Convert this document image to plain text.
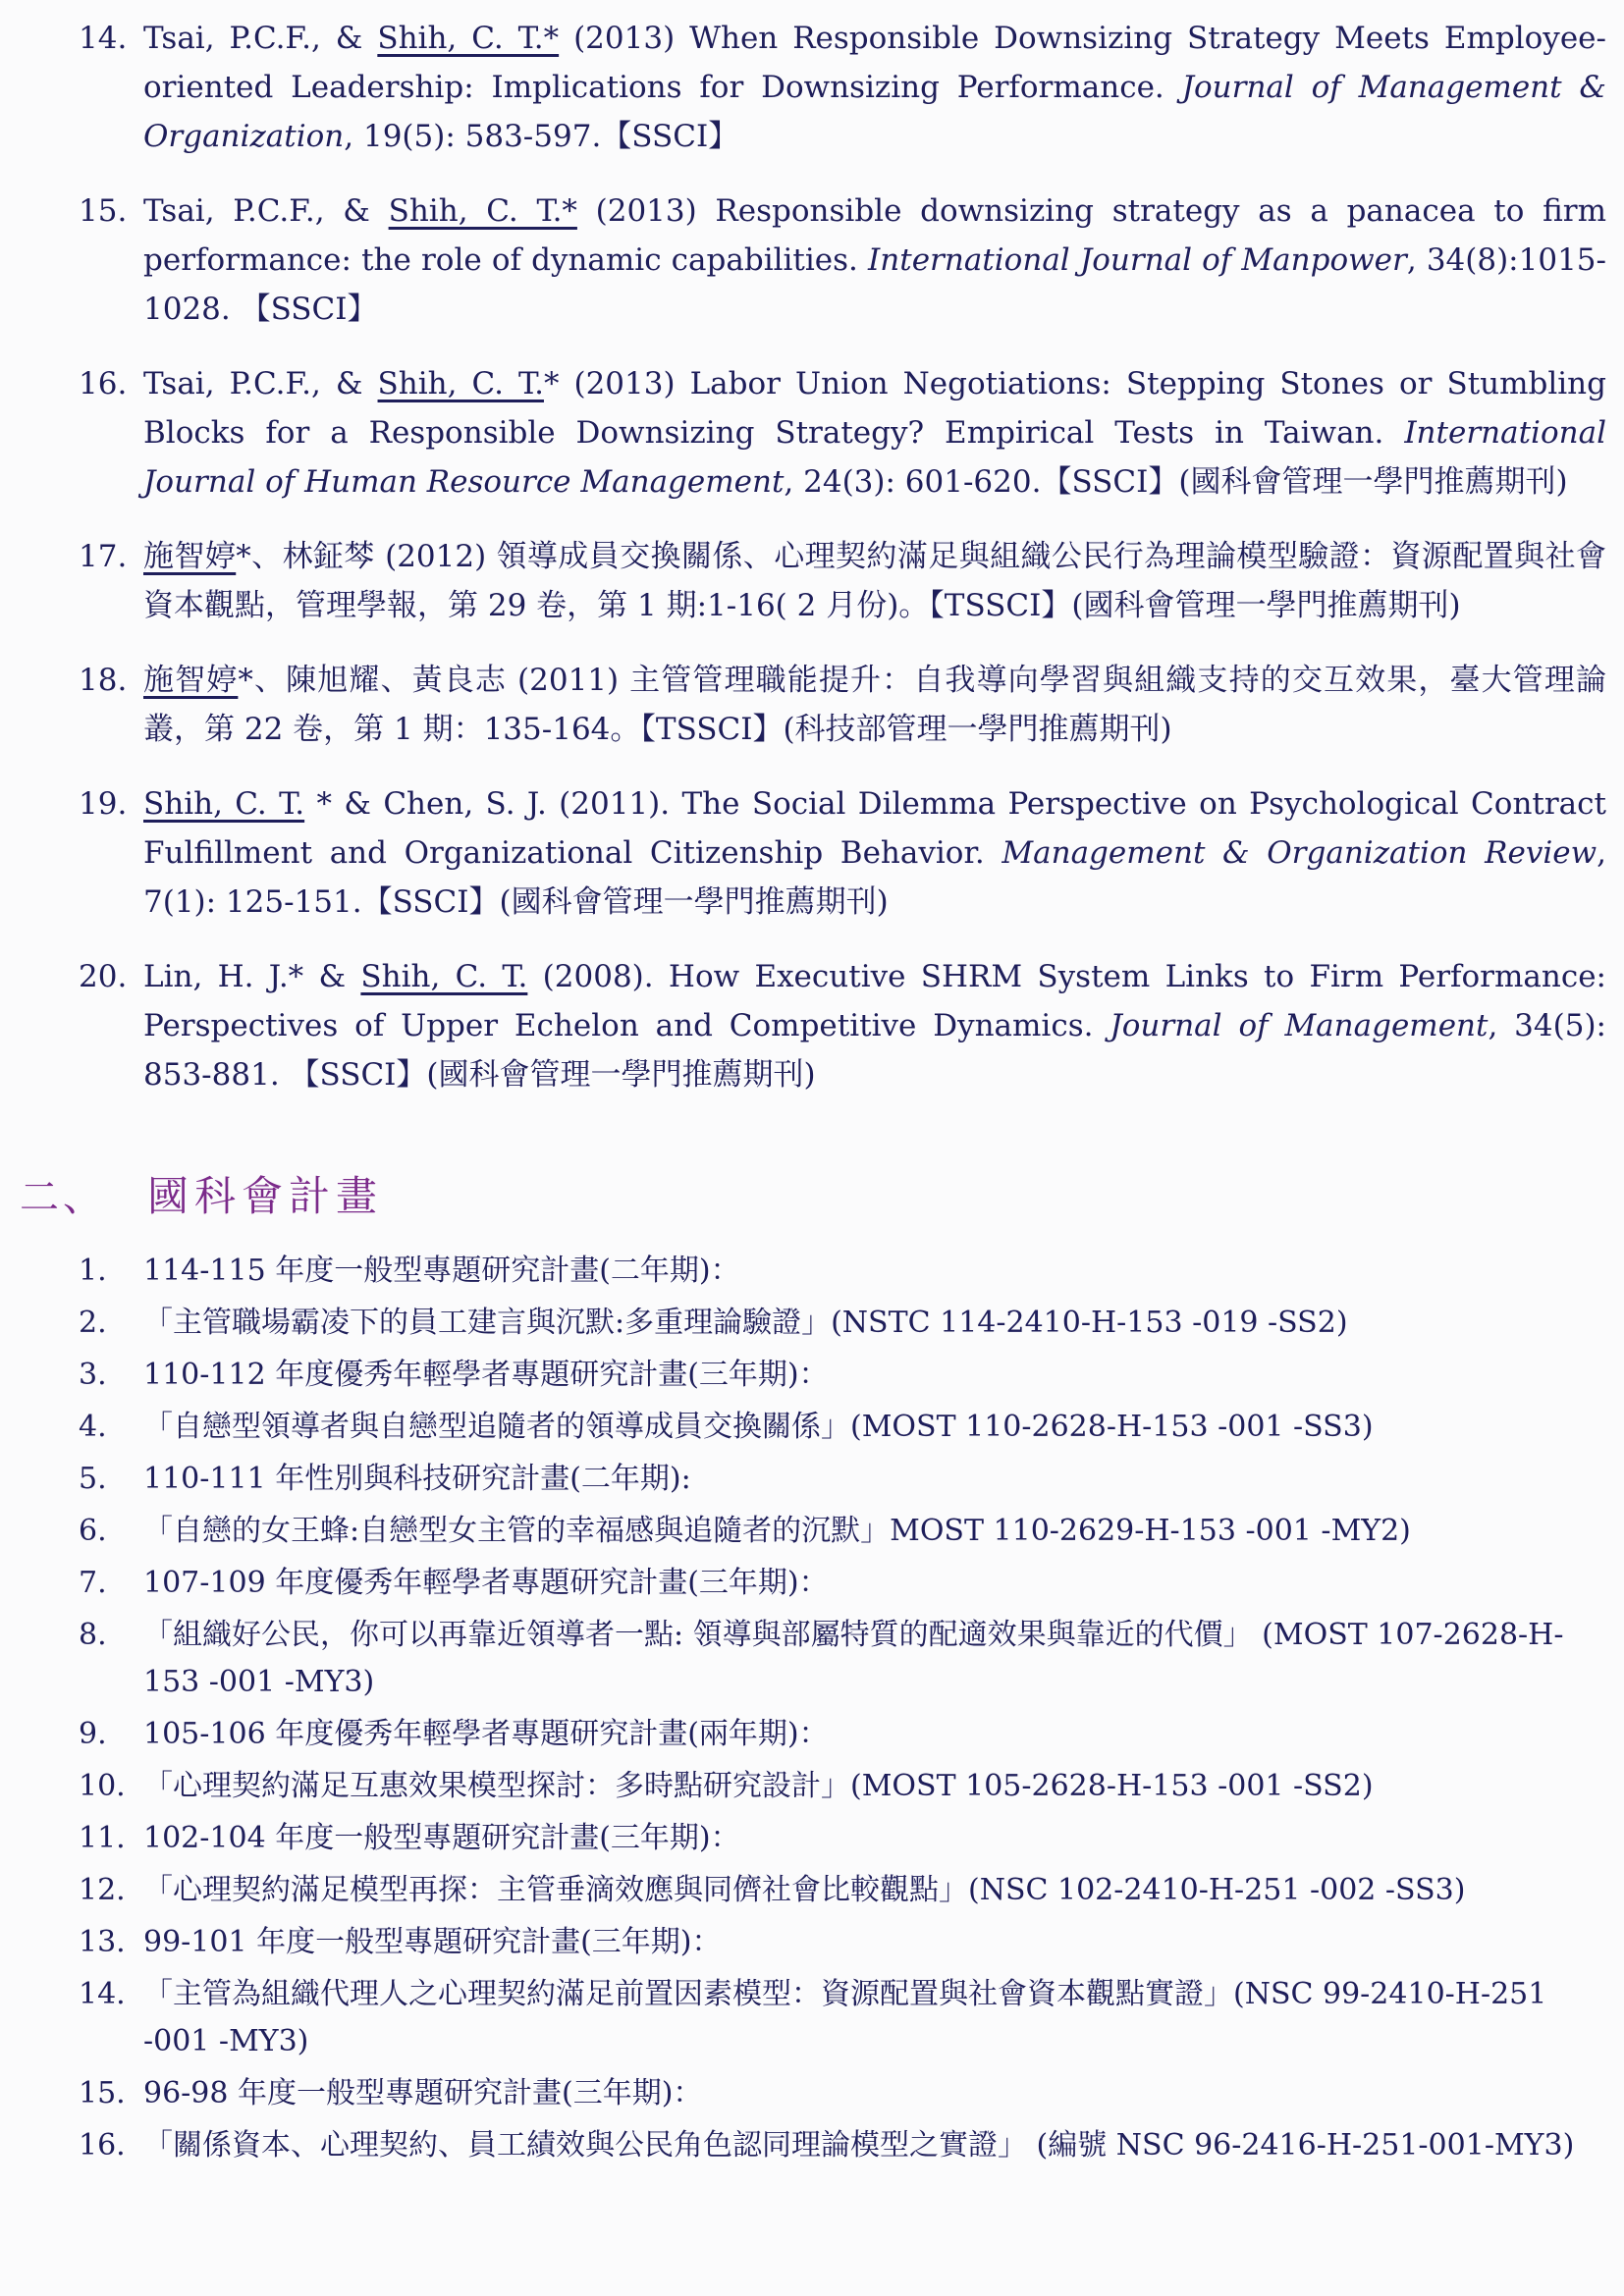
14. Tsai, P.C.F., & Shih, C. T.* (2013) When Responsible Downsizing Strategy Meets Employee-oriented Leadership: Implications for Downsizing Performance. Journal of Management & Organization, 19(5): 583-597.【SSCI】
15. Tsai, P.C.F., & Shih, C. T.* (2013) Responsible downsizing strategy as a panacea to firm performance: the role of dynamic capabilities. International Journal of Manpower, 34(8):1015-1028. 【SSCI】
16. Tsai, P.C.F., & Shih, C. T.* (2013) Labor Union Negotiations: Stepping Stones or Stumbling Blocks for a Responsible Downsizing Strategy? Empirical Tests in Taiwan. International Journal of Human Resource Management, 24(3): 601-620.【SSCI】(國科會管理一學門推薦期刊)
17. 施智婷*、林鉦棽 (2012) 領導成員交換關係、心理契約滿足與組織公民行為理論模型驗證：資源配置與社會資本觀點，管理學報，第 29 卷，第 1 期:1-16( 2 月份)。【TSSCI】(國科會管理一學門推薦期刊)
18. 施智婷*、陳旭耀、黃良志 (2011) 主管管理職能提升：自我導向學習與組織支持的交互效果，臺大管理論叢，第 22 卷，第 1 期：135-164。【TSSCI】(科技部管理一學門推薦期刊)
19. Shih, C. T. * & Chen, S. J. (2011). The Social Dilemma Perspective on Psychological Contract Fulfillment and Organizational Citizenship Behavior. Management & Organization Review, 7(1): 125-151.【SSCI】(國科會管理一學門推薦期刊)
20. Lin, H. J.* & Shih, C. T. (2008). How Executive SHRM System Links to Firm Performance: Perspectives of Upper Echelon and Competitive Dynamics. Journal of Management, 34(5): 853-881. 【SSCI】(國科會管理一學門推薦期刊)
二、	國科會計畫
1.	114-115 年度一般型專題研究計畫(二年期)：
2.	「主管職場霸凌下的員工建言與沉默:多重理論驗證」(NSTC 114-2410-H-153 -019 -SS2)
3.	110-112 年度優秀年輕學者專題研究計畫(三年期)：
4.	「自戀型領導者與自戀型追隨者的領導成員交換關係」(MOST 110-2628-H-153 -001 -SS3)
5.	110-111 年性別與科技研究計畫(二年期):
6.	「自戀的女王蜂:自戀型女主管的幸福感與追隨者的沉默」MOST 110-2629-H-153 -001 -MY2)
7.	107-109 年度優秀年輕學者專題研究計畫(三年期)：
8.	「組織好公民，你可以再靠近領導者一點: 領導與部屬特質的配適效果與靠近的代價」 (MOST 107-2628-H-153 -001 -MY3)
9.	105-106 年度優秀年輕學者專題研究計畫(兩年期)：
10. 「心理契約滿足互惠效果模型探討：多時點研究設計」(MOST 105-2628-H-153 -001 -SS2)
11. 102-104 年度一般型專題研究計畫(三年期)：
12. 「心理契約滿足模型再探：主管垂滴效應與同儕社會比較觀點」(NSC 102-2410-H-251 -002 -SS3)
13. 99-101 年度一般型專題研究計畫(三年期)：
14. 「主管為組織代理人之心理契約滿足前置因素模型：資源配置與社會資本觀點實證」(NSC 99-2410-H-251 -001 -MY3)
15. 96-98 年度一般型專題研究計畫(三年期)：
16. 「關係資本、心理契約、員工績效與公民角色認同理論模型之實證」 (編號 NSC 96-2416-H-251-001-MY3)
